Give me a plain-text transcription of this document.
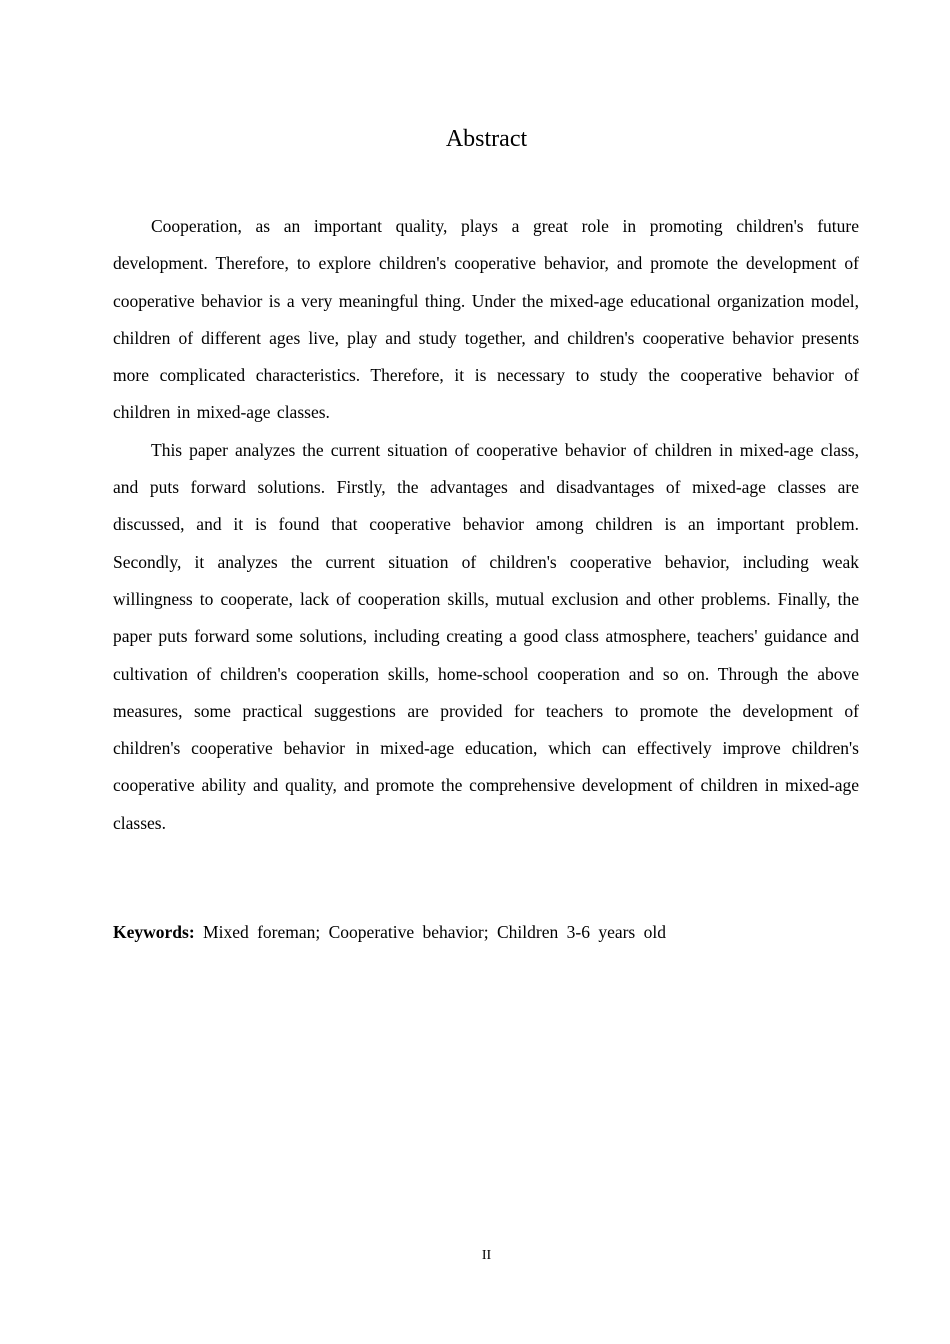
Abstract

Cooperation, as an important quality, plays a great role in promoting children's future development. Therefore, to explore children's cooperative behavior, and promote the development of cooperative behavior is a very meaningful thing. Under the mixed-age educational organization model, children of different ages live, play and study together, and children's cooperative behavior presents more complicated characteristics. Therefore, it is necessary to study the cooperative behavior of children in mixed-age classes.

This paper analyzes the current situation of cooperative behavior of children in mixed-age class, and puts forward solutions. Firstly, the advantages and disadvantages of mixed-age classes are discussed, and it is found that cooperative behavior among children is an important problem. Secondly, it analyzes the current situation of children's cooperative behavior, including weak willingness to cooperate, lack of cooperation skills, mutual exclusion and other problems. Finally, the paper puts forward some solutions, including creating a good class atmosphere, teachers' guidance and cultivation of children's cooperation skills, home-school cooperation and so on. Through the above measures, some practical suggestions are provided for teachers to promote the development of children's cooperative behavior in mixed-age education, which can effectively improve children's cooperative ability and quality, and promote the comprehensive development of children in mixed-age classes.

Keywords: Mixed foreman; Cooperative behavior; Children 3-6 years old

II
